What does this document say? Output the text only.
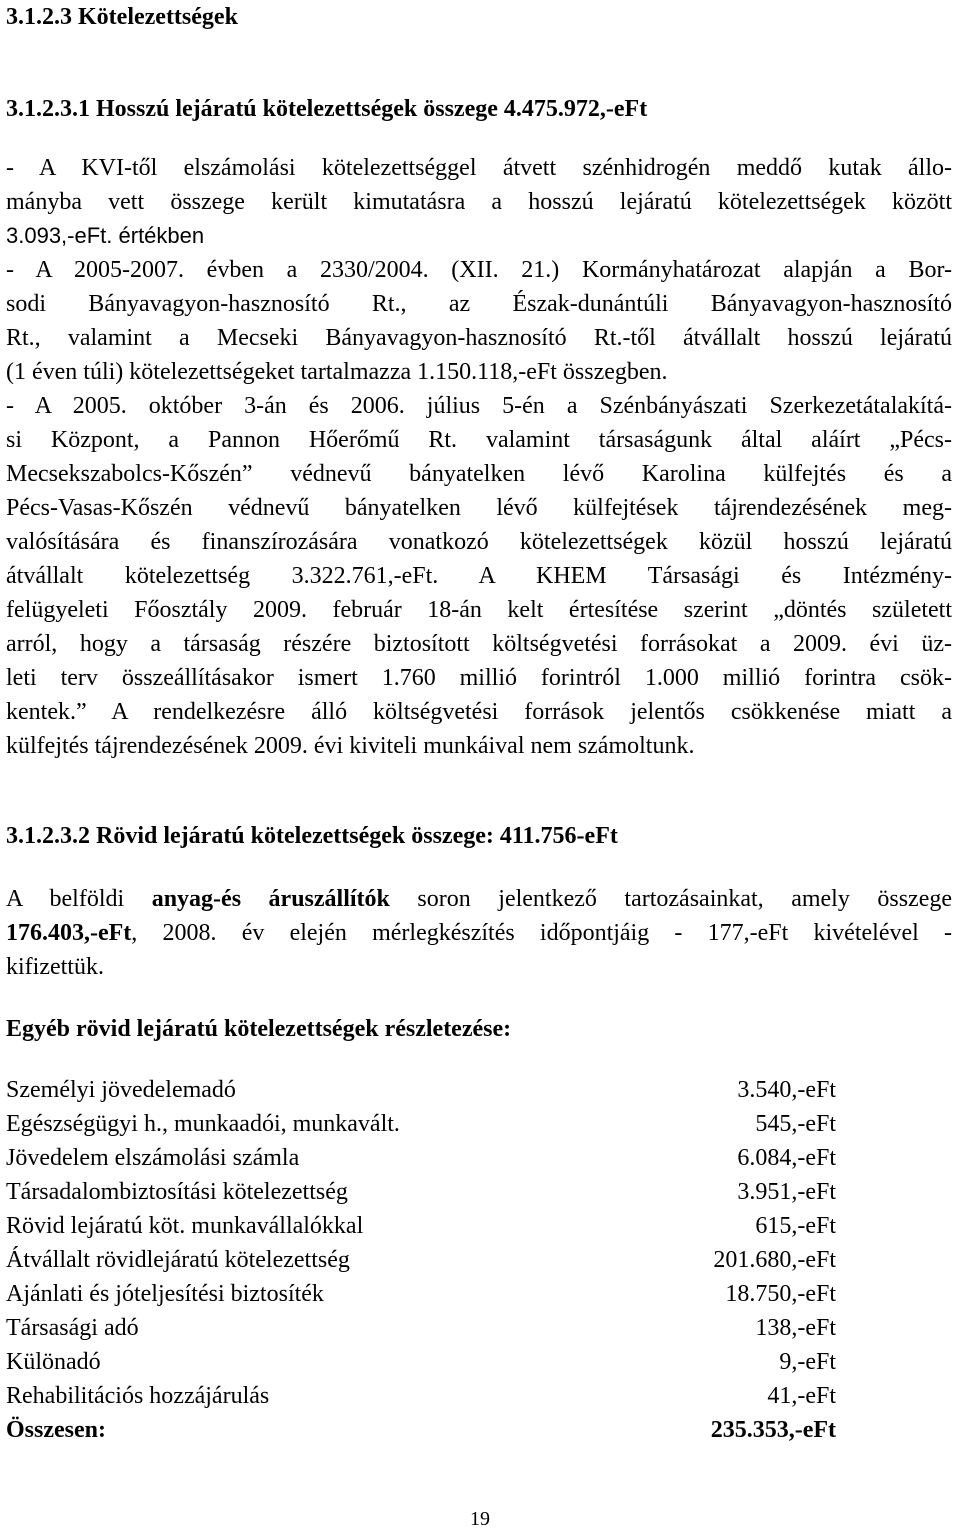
3.1.2.3 Kötelezettségek
3.1.2.3.1 Hosszú lejáratú kötelezettségek összege 4.475.972,-eFt
- A KVI-től elszámolási kötelezettséggel átvett szénhidrogén meddő kutak állo-
mányba vett összege került kimutatásra a hosszú lejáratú kötelezettségek között
3.093,-eFt. értékben
- A 2005-2007. évben a 2330/2004. (XII. 21.) Kormányhatározat alapján a Bor-
sodi Bányavagyon-hasznosító Rt., az Észak-dunántúli Bányavagyon-hasznosító
Rt., valamint a Mecseki Bányavagyon-hasznosító Rt.-től átvállalt hosszú lejáratú
(1 éven túli) kötelezettségeket tartalmazza 1.150.118,-eFt összegben.
- A 2005. október 3-án és 2006. július 5-én a Szénbányászati Szerkezetátalakítá-
si Központ, a Pannon Hőerőmű Rt. valamint társaságunk által aláírt „Pécs-
Mecsekszabolcs-Kőszén” védnevű bányatelken lévő Karolina külfejtés és a
Pécs-Vasas-Kőszén védnevű bányatelken lévő külfejtések tájrendezésének meg-
valósítására és finanszírozására vonatkozó kötelezettségek közül hosszú lejáratú
átvállalt kötelezettség 3.322.761,-eFt. A KHEM Társasági és Intézmény-
felügyeleti Főosztály 2009. február 18-án kelt értesítése szerint „döntés született
arról, hogy a társaság részére biztosított költségvetési forrásokat a 2009. évi üz-
leti terv összeállításakor ismert 1.760 millió forintról 1.000 millió forintra csök-
kentek.” A rendelkezésre álló költségvetési források jelentős csökkenése miatt a
külfejtés tájrendezésének 2009. évi kiviteli munkáival nem számoltunk.
3.1.2.3.2 Rövid lejáratú kötelezettségek összege: 411.756-eFt
A belföldi anyag-és áruszállítók soron jelentkező tartozásainkat, amely összege
176.403,-eFt, 2008. év elején mérlegkészítés időpontjáig - 177,-eFt kivételével -
kifizettük.
Egyéb rövid lejáratú kötelezettségek részletezése:
Személyi jövedelemadó	3.540,-eFt
Egészségügyi h., munkaadói, munkavált.	545,-eFt
Jövedelem elszámolási számla	6.084,-eFt
Társadalombiztosítási kötelezettség	3.951,-eFt
Rövid lejáratú köt. munkavállalókkal	615,-eFt
Átvállalt rövidlejáratú kötelezettség	201.680,-eFt
Ajánlati és jóteljesítési biztosíték	18.750,-eFt
Társasági adó	138,-eFt
Különadó	9,-eFt
Rehabilitációs hozzájárulás	41,-eFt
Összesen:	235.353,-eFt
19
